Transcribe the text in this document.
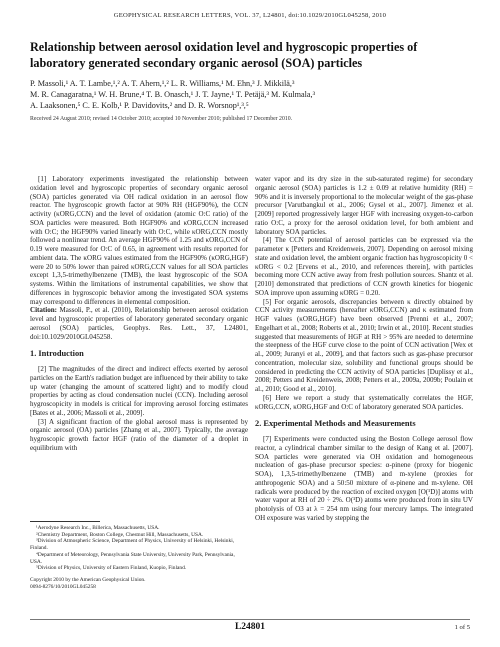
GEOPHYSICAL RESEARCH LETTERS, VOL. 37, L24801, doi:10.1029/2010GL045258, 2010
Relationship between aerosol oxidation level and hygroscopic properties of laboratory generated secondary organic aerosol (SOA) particles
P. Massoli,¹ A. T. Lambe,¹,² A. T. Ahern,¹,² L. R. Williams,¹ M. Ehn,³ J. Mikkilä,³
M. R. Canagaratna,¹ W. H. Brune,⁴ T. B. Onasch,¹ J. T. Jayne,¹ T. Petäjä,³ M. Kulmala,³
A. Laaksonen,⁵ C. E. Kolb,¹ P. Davidovits,² and D. R. Worsnop¹,³,⁵
Received 24 August 2010; revised 14 October 2010; accepted 10 November 2010; published 17 December 2010.

[1] Laboratory experiments investigated the relationship between oxidation level and hygroscopic properties of secondary organic aerosol (SOA) particles generated via OH radical oxidation in an aerosol flow reactor. The hygroscopic growth factor at 90% RH (HGF90%), the CCN activity (κORG,CCN) and the level of oxidation (atomic O:C ratio) of the SOA particles were measured. Both HGF90% and κORG,CCN increased with O:C; the HGF90% varied linearly with O:C, while κORG,CCN mostly followed a nonlinear trend. An average HGF90% of 1.25 and κORG,CCN of 0.19 were measured for O:C of 0.65, in agreement with results reported for ambient data. The κORG values estimated from the HGF90% (κORG,HGF) were 20 to 50% lower than paired κORG,CCN values for all SOA particles except 1,3,5-trimethylbenzene (TMB), the least hygroscopic of the SOA systems. Within the limitations of instrumental capabilities, we show that differences in hygroscopic behavior among the investigated SOA systems may correspond to differences in elemental composition.

Citation: Massoli, P., et al. (2010), Relationship between aerosol oxidation level and hygroscopic properties of laboratory generated secondary organic aerosol (SOA) particles, Geophys. Res. Lett., 37, L24801, doi:10.1029/2010GL045258.

1. Introduction

[2] The magnitudes of the direct and indirect effects exerted by aerosol particles on the Earth's radiation budget are influenced by their ability to take up water (changing the amount of scattered light) and to modify cloud properties by acting as cloud condensation nuclei (CCN). Including aerosol hygroscopicity in models is critical for improving aerosol forcing estimates [Bates et al., 2006; Massoli et al., 2009].

[3] A significant fraction of the global aerosol mass is represented by organic aerosol (OA) particles [Zhang et al., 2007]. Typically, the average hygroscopic growth factor HGF (ratio of the diameter of a droplet in equilibrium with

¹Aerodyne Research Inc., Billerica, Massachusetts, USA.
²Chemistry Department, Boston College, Chestnut Hill, Massachusetts, USA.
³Division of Atmospheric Science, Department of Physics, University of Helsinki, Helsinki, Finland.
⁴Department of Meteorology, Pennsylvania State University, University Park, Pennsylvania, USA.
⁵Division of Physics, University of Eastern Finland, Kuopio, Finland.
Copyright 2010 by the American Geophysical Union.
0094-8276/10/2010GL045258

water vapor and its dry size in the sub-saturated regime) for secondary organic aerosol (SOA) particles is 1.2 ± 0.09 at relative humidity (RH) = 90% and it is inversely proportional to the molecular weight of the gas-phase precursor [Varutbangkul et al., 2006; Gysel et al., 2007]. Jimenez et al. [2009] reported progressively larger HGF with increasing oxygen-to-carbon ratio O:C, a proxy for the aerosol oxidation level, for both ambient and laboratory SOA particles.

[4] The CCN potential of aerosol particles can be expressed via the parameter κ [Petters and Kreidenweis, 2007]. Depending on aerosol mixing state and oxidation level, the ambient organic fraction has hygroscopicity 0 < κORG < 0.2 [Ervens et al., 2010, and references therein], with particles becoming more CCN active away from fresh pollution sources. Shantz et al. [2010] demonstrated that predictions of CCN growth kinetics for biogenic SOA improve upon assuming κORG = 0.20.

[5] For organic aerosols, discrepancies between κ directly obtained by CCN activity measurements (hereafter κORG,CCN) and κ estimated from HGF values (κORG,HGF) have been observed [Prenni et al., 2007; Engelhart et al., 2008; Roberts et al., 2010; Irwin et al., 2010]. Recent studies suggested that measurements of HGF at RH > 95% are needed to determine the steepness of the HGF curve close to the point of CCN activation [Wex et al., 2009; Juranyi et al., 2009], and that factors such as gas-phase precursor concentration, molecular size, solubility and functional groups should be considered in predicting the CCN activity of SOA particles [Duplissy et al., 2008; Petters and Kreidenweis, 2008; Petters et al., 2009a, 2009b; Poulain et al., 2010; Good et al., 2010].

[6] Here we report a study that systematically correlates the HGF, κORG,CCN, κORG,HGF and O:C of laboratory generated SOA particles.

2. Experimental Methods and Measurements

[7] Experiments were conducted using the Boston College aerosol flow reactor, a cylindrical chamber similar to the design of Kang et al. [2007]. SOA particles were generated via OH oxidation and homogeneous nucleation of gas-phase precursor species: α-pinene (proxy for biogenic SOA), 1,3,5-trimethylbenzene (TMB) and m-xylene (proxies for anthropogenic SOA) and a 50:50 mixture of α-pinene and m-xylene. OH radicals were produced by the reaction of excited oxygen [O(¹D)] atoms with water vapor at RH of 20 ÷ 2%. O(¹D) atoms were produced from in situ UV photolysis of O3 at λ = 254 nm using four mercury lamps. The integrated OH exposure was varied by stepping the

L24801	1 of 5
